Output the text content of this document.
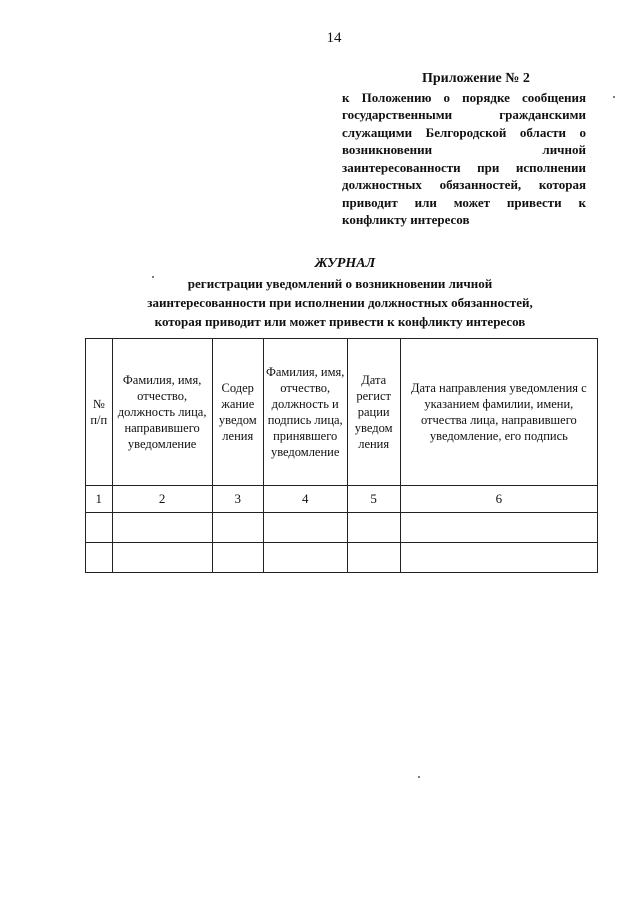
14
Приложение № 2
к Положению о порядке сообщения государственными гражданскими служащими Белгородской области о возникновении личной заинтересованности при исполнении должностных обязанностей, которая приводит или может привести к конфликту интересов
ЖУРНАЛ
регистрации уведомлений о возникновении личной
заинтересованности при исполнении должностных обязанностей,
которая приводит или может привести к конфликту интересов
№ п/п	Фамилия, имя, отчество, должность лица, направившего уведомление	Содер жание уведом ления	Фамилия, имя, отчество, должность и подпись лица, принявшего уведомление	Дата регист рации уведом ления	Дата направления уведомления с указанием фамилии, имени, отчества лица, направившего уведомление, его подпись
1	2	3	4	5	6
